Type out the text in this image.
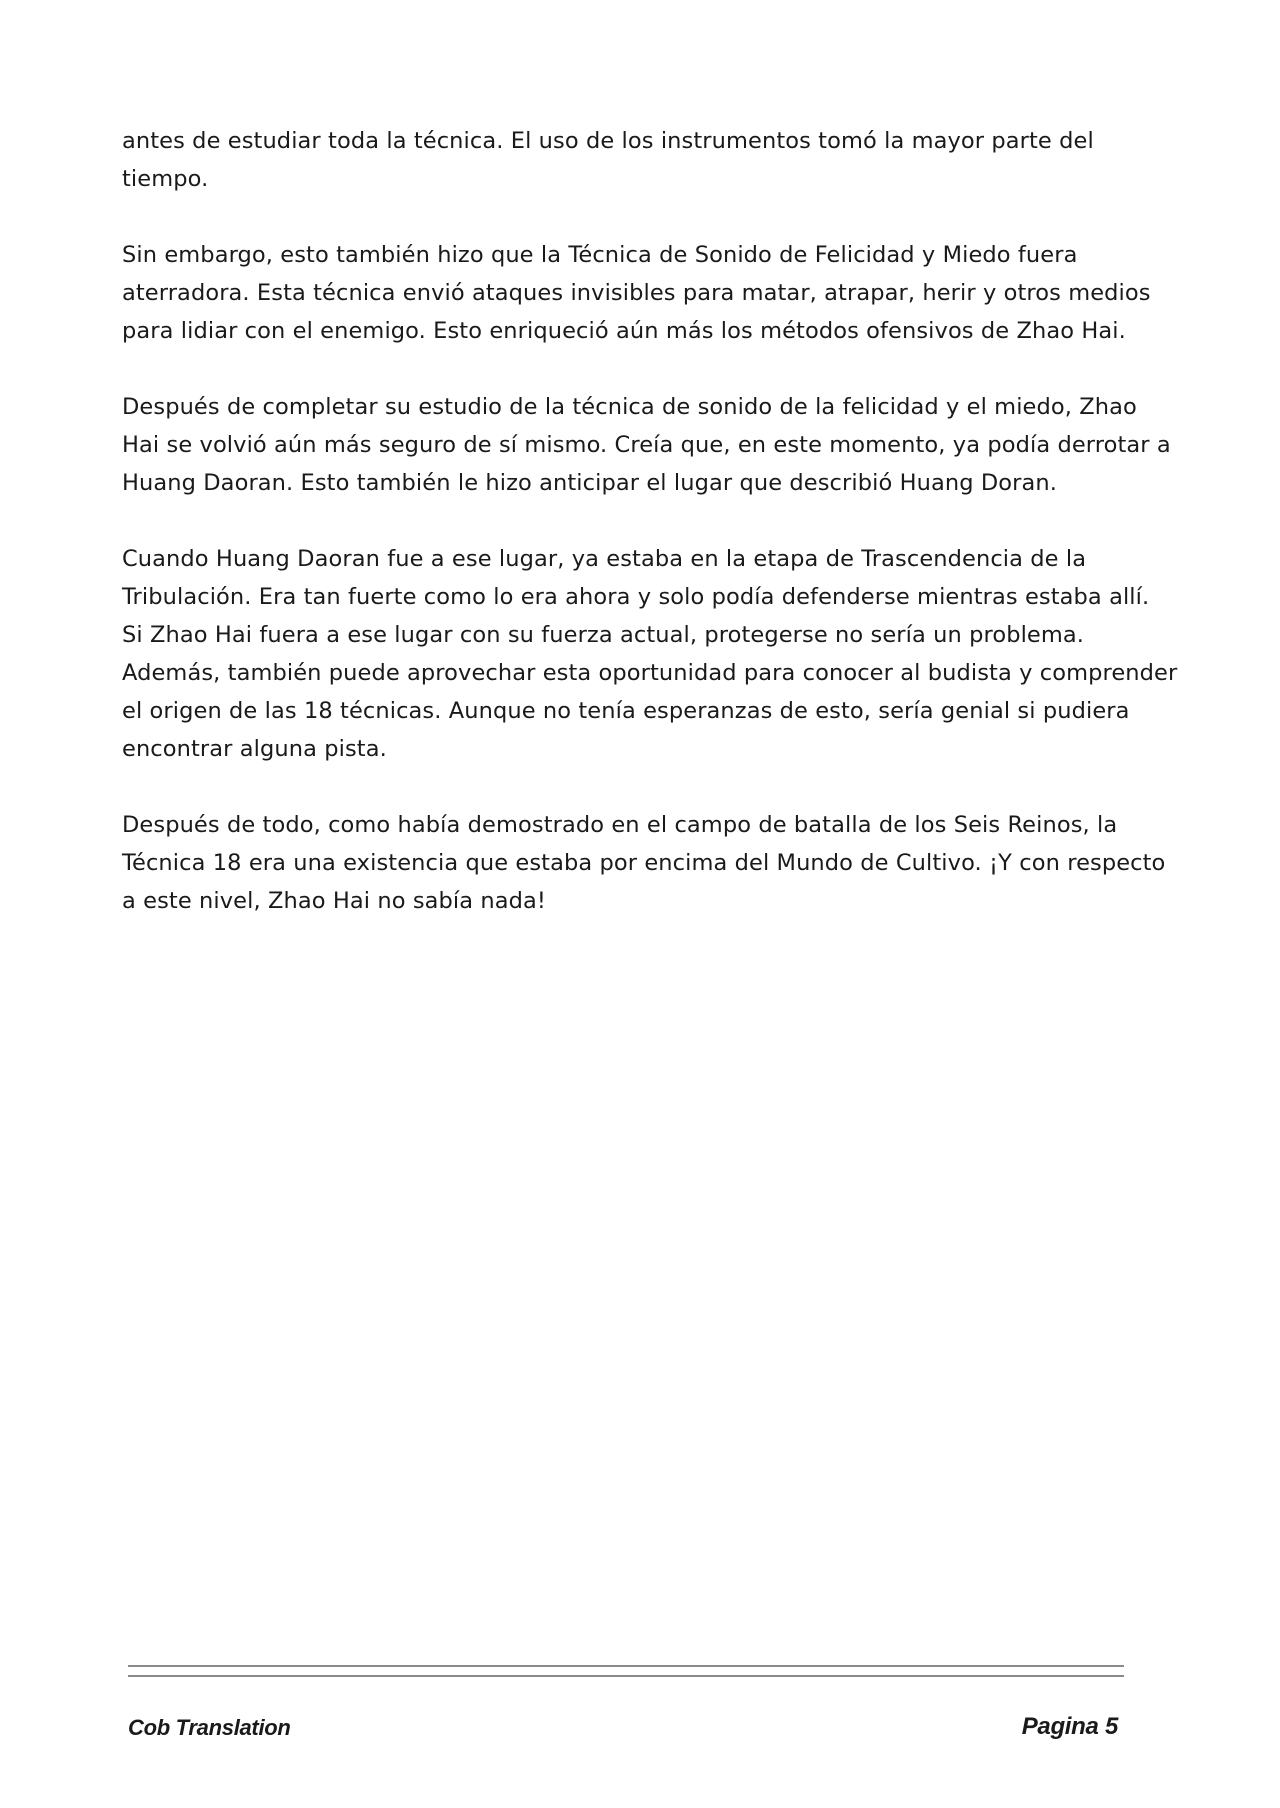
antes de estudiar toda la técnica. El uso de los instrumentos tomó la mayor parte del
tiempo.

Sin embargo, esto también hizo que la Técnica de Sonido de Felicidad y Miedo fuera
aterradora. Esta técnica envió ataques invisibles para matar, atrapar, herir y otros medios
para lidiar con el enemigo. Esto enriqueció aún más los métodos ofensivos de Zhao Hai.

Después de completar su estudio de la técnica de sonido de la felicidad y el miedo, Zhao
Hai se volvió aún más seguro de sí mismo. Creía que, en este momento, ya podía derrotar a
Huang Daoran. Esto también le hizo anticipar el lugar que describió Huang Doran.

Cuando Huang Daoran fue a ese lugar, ya estaba en la etapa de Trascendencia de la
Tribulación. Era tan fuerte como lo era ahora y solo podía defenderse mientras estaba allí.
Si Zhao Hai fuera a ese lugar con su fuerza actual, protegerse no sería un problema.
Además, también puede aprovechar esta oportunidad para conocer al budista y comprender
el origen de las 18 técnicas. Aunque no tenía esperanzas de esto, sería genial si pudiera
encontrar alguna pista.

Después de todo, como había demostrado en el campo de batalla de los Seis Reinos, la
Técnica 18 era una existencia que estaba por encima del Mundo de Cultivo. ¡Y con respecto
a este nivel, Zhao Hai no sabía nada!

Cob Translation	Pagina 5
